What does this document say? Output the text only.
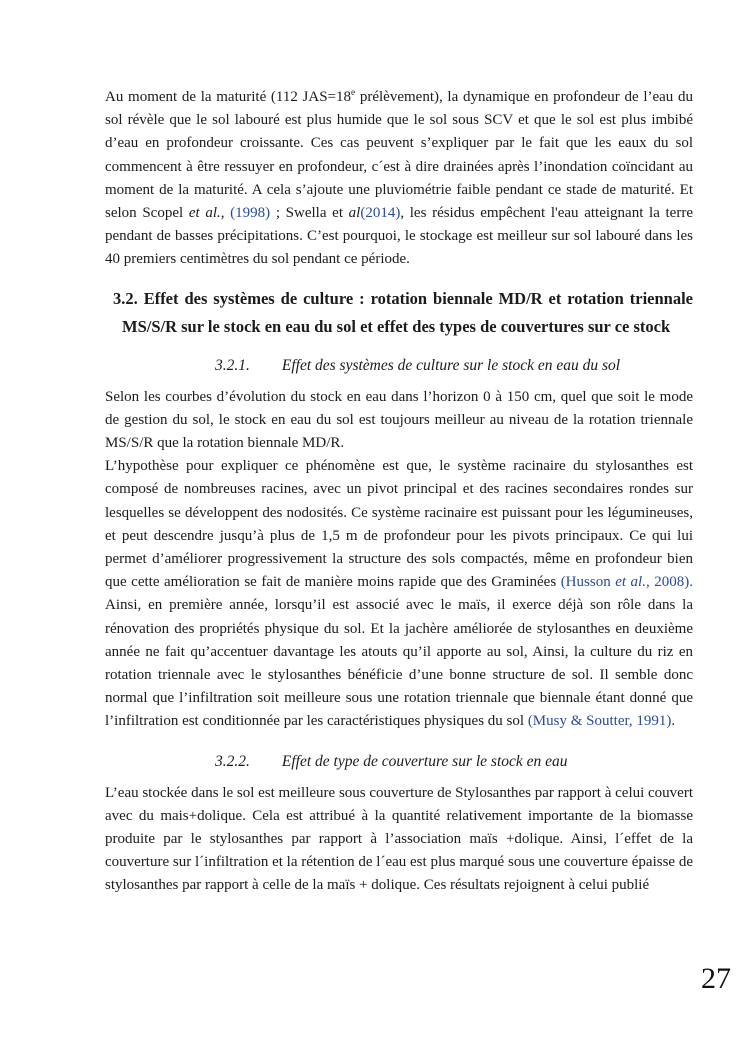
Au moment de la maturité (112 $JAS=18^e$ prélèvement), la dynamique en profondeur de l’eau du sol révèle que le sol labouré est plus humide que le sol sous SCV et que le sol est plus imbibé d’eau en profondeur croissante. Ces cas peuvent s’expliquer par le fait que les eaux du sol commencent à être ressuyer en profondeur, c´est à dire drainées après l’inondation coïncidant au moment de la maturité. A cela s’ajoute une pluviométrie faible pendant ce stade de maturité. Et selon Scopel et al., (1998) ; Swella et al(2014), les résidus empêchent l'eau atteignant la terre pendant de basses précipitations. C’est pourquoi, le stockage est meilleur sur sol labouré dans les 40 premiers centimètres du sol pendant ce période.

3.2. Effet des systèmes de culture : rotation biennale MD/R et rotation triennale MS/S/R sur le stock en eau du sol et effet des types de couvertures sur ce stock
3.2.1. Effet des systèmes de culture sur le stock en eau du sol

Selon les courbes d’évolution du stock en eau dans l’horizon 0 à 150 cm, quel que soit le mode de gestion du sol, le stock en eau du sol est toujours meilleur au niveau de la rotation triennale MS/S/R que la rotation biennale MD/R.

L’hypothèse pour expliquer ce phénomène est que, le système racinaire du stylosanthes est composé de nombreuses racines, avec un pivot principal et des racines secondaires rondes sur lesquelles se développent des nodosités. Ce système racinaire est puissant pour les légumineuses, et peut descendre jusqu’à plus de 1,5 m de profondeur pour les pivots principaux. Ce qui lui permet d’améliorer progressivement la structure des sols compactés, même en profondeur bien que cette amélioration se fait de manière moins rapide que des Graminées (Husson et al., 2008). Ainsi, en première année, lorsqu’il est associé avec le maïs, il exerce déjà son rôle dans la rénovation des propriétés physique du sol. Et la jachère améliorée de stylosanthes en deuxième année ne fait qu’accentuer davantage les atouts qu’il apporte au sol, Ainsi, la culture du riz en rotation triennale avec le stylosanthes bénéficie d’une bonne structure de sol. Il semble donc normal que l’infiltration soit meilleure sous une rotation triennale que biennale étant donné que l’infiltration est conditionnée par les caractéristiques physiques du sol (Musy & Soutter, 1991).

3.2.2. Effet de type de couverture sur le stock en eau

L’eau stockée dans le sol est meilleure sous couverture de Stylosanthes par rapport à celui couvert avec du mais+dolique. Cela est attribué à la quantité relativement importante de la biomasse produite par le stylosanthes par rapport à l’association maïs +dolique. Ainsi, l´effet de la couverture sur l´infiltration et la rétention de l´eau est plus marqué sous une couverture épaisse de stylosanthes par rapport à celle de la maïs + dolique. Ces résultats rejoignent à celui publié

27
